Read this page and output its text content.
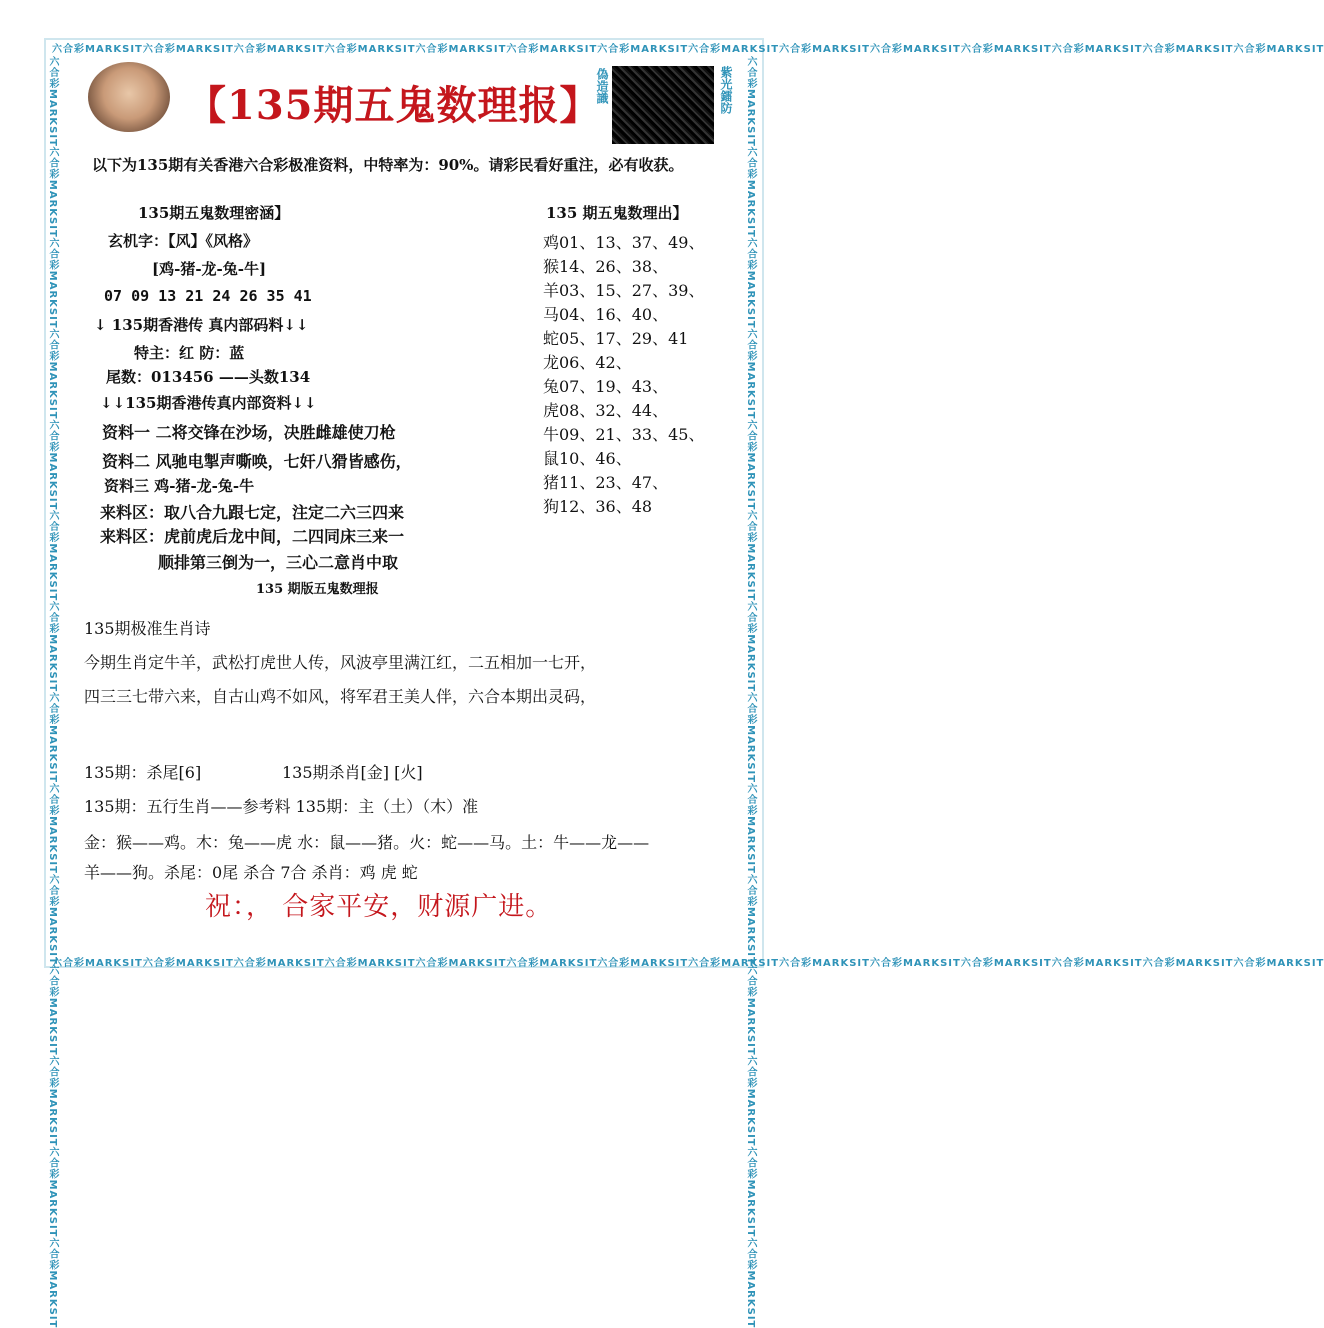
六合彩MARKSIT六合彩MARKSIT六合彩MARKSIT六合彩MARKSIT六合彩MARKSIT六合彩MARKSIT六合彩MARKSIT六合彩MARKSIT六合彩MARKSIT六合彩MARKSIT六合彩MARKSIT六合彩MARKSIT六合彩MARKSIT六合彩MARKSIT
六合彩MARKSIT六合彩MARKSIT六合彩MARKSIT六合彩MARKSIT六合彩MARKSIT六合彩MARKSIT六合彩MARKSIT六合彩MARKSIT六合彩MARKSIT六合彩MARKSIT六合彩MARKSIT六合彩MARKSIT六合彩MARKSIT六合彩MARKSIT
六合彩MARKSIT六合彩MARKSIT六合彩MARKSIT六合彩MARKSIT六合彩MARKSIT六合彩MARKSIT六合彩MARKSIT六合彩MARKSIT六合彩MARKSIT六合彩MARKSIT六合彩MARKSIT六合彩MARKSIT六合彩MARKSIT六合彩MARKSIT	六合彩MARKSIT六合彩MARKSIT六合彩MARKSIT六合彩MARKSIT六合彩MARKSIT六合彩MARKSIT六合彩MARKSIT六合彩MARKSIT六合彩MARKSIT六合彩MARKSIT六合彩MARKSIT六合彩MARKSIT六合彩MARKSIT六合彩MARKSIT
【135期五鬼数理报】
偽造識	紫光鐳防
以下为135期有关香港六合彩极准资料，中特率为：90%。请彩民看好重注，必有收获。
135期五鬼数理密涵】
玄机字：【风】《风格》
[鸡-猪-龙-兔-牛]
07 09 13 21 24 26 35 41
↓ 135期香港传 真内部码料↓↓
特主：红 防：蓝
尾数：013456 ——头数134
↓↓135期香港传真内部资料↓↓
资料一 二将交锋在沙场，决胜雌雄使刀枪
资料二 风驰电掣声嘶唤，七奸八猾皆感伤，
资料三 鸡-猪-龙-兔-牛
来料区：取八合九跟七定，注定二六三四来
来料区：虎前虎后龙中间，二四同床三来一
顺排第三倒为一，三心二意肖中取
135 期版五鬼数理报
135 期五鬼数理出】
鸡01、13、37、49、
猴14、26、38、
羊03、15、27、39、
马04、16、40、
蛇05、17、29、41
龙06、42、
兔07、19、43、
虎08、32、44、
牛09、21、33、45、
鼠10、46、
猪11、23、47、
狗12、36、48
135期极准生肖诗
今期生肖定牛羊，武松打虎世人传，风波亭里满江红，二五相加一七开，
四三三七带六来，自古山鸡不如风，将军君王美人伴，六合本期出灵码，
135期：杀尾[6]	135期杀肖[金] [火]
135期：五行生肖——参考料 135期：主（土）（木）准
金：猴——鸡。木：兔——虎 水：鼠——猪。火：蛇——马。土：牛——龙——
羊——狗。杀尾：0尾 杀合 7合 杀肖：鸡 虎 蛇
祝：， 合家平安，财源广进。
